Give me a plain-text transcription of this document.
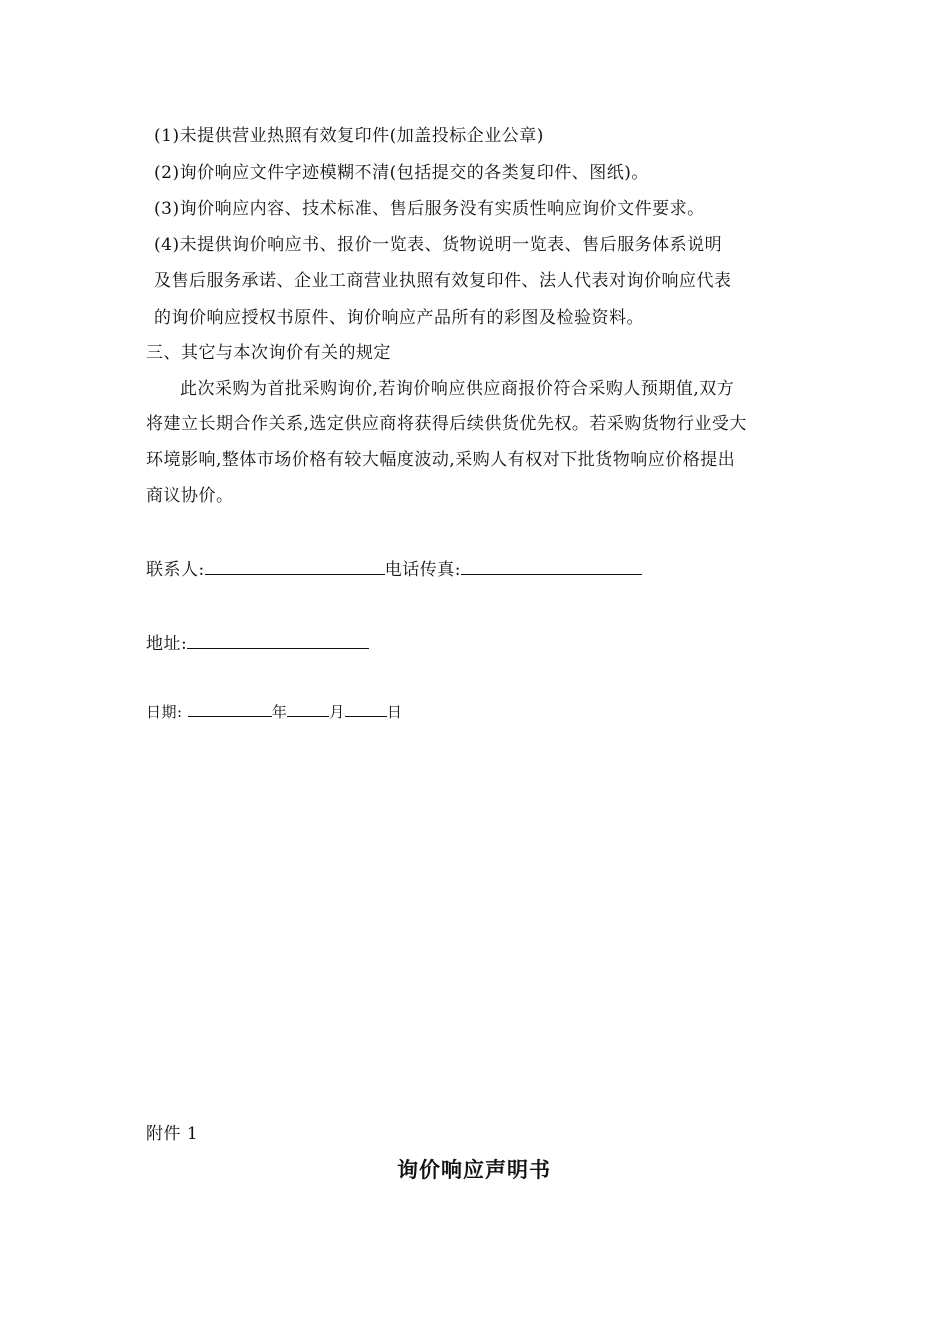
(1)未提供营业热照有效复印件(加盖投标企业公章)
(2)询价响应文件字迹模糊不清(包括提交的各类复印件、图纸)。
(3)询价响应内容、技术标准、售后服务没有实质性响应询价文件要求。
(4)未提供询价响应书、报价一览表、货物说明一览表、售后服务体系说明
及售后服务承诺、企业工商营业执照有效复印件、法人代表对询价响应代表
的询价响应授权书原件、询价响应产品所有的彩图及检验资料。
三、其它与本次询价有关的规定
此次采购为首批采购询价,若询价响应供应商报价符合采购人预期值,双方
将建立长期合作关系,选定供应商将获得后续供货优先权。若采购货物行业受大
环境影响,整体市场价格有较大幅度波动,采购人有权对下批货物响应价格提出
商议协价。
联系人:	电话传真:
地址:
日期:	年	月	日
附件 1
询价响应声明书
